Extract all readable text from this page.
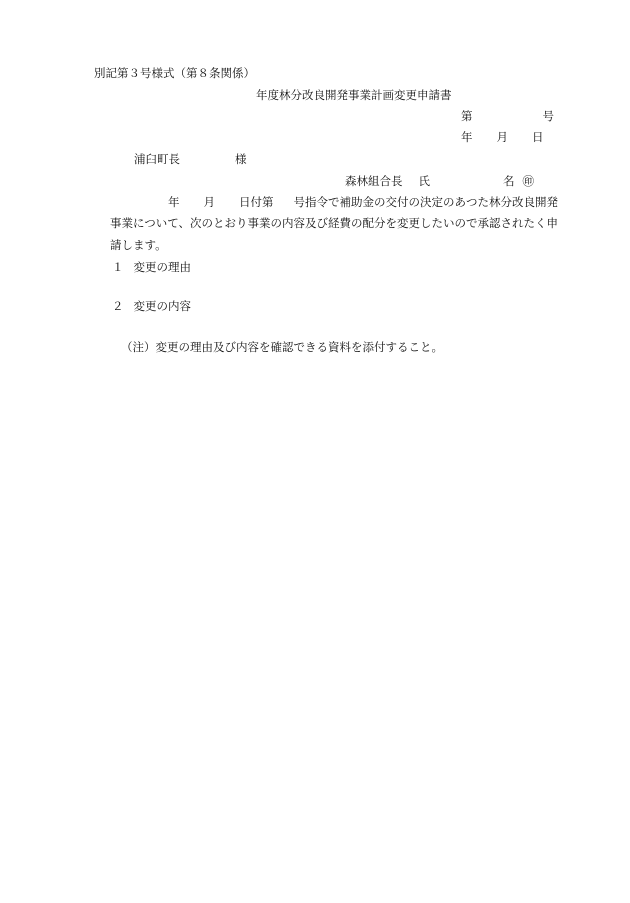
別記第３号様式（第８条関係）
年度林分改良開発事業計画変更申請書
第	号
年 月 日
浦臼町長	様
森林組合長 氏	名 ㊞
年 月 日付第 号指令で補助金の交付の決定のあつた林分改良開発
事業について、次のとおり事業の内容及び経費の配分を変更したいので承認されたく申
請します。
１ 変更の理由
２ 変更の内容
（注）変更の理由及び内容を確認できる資料を添付すること。
